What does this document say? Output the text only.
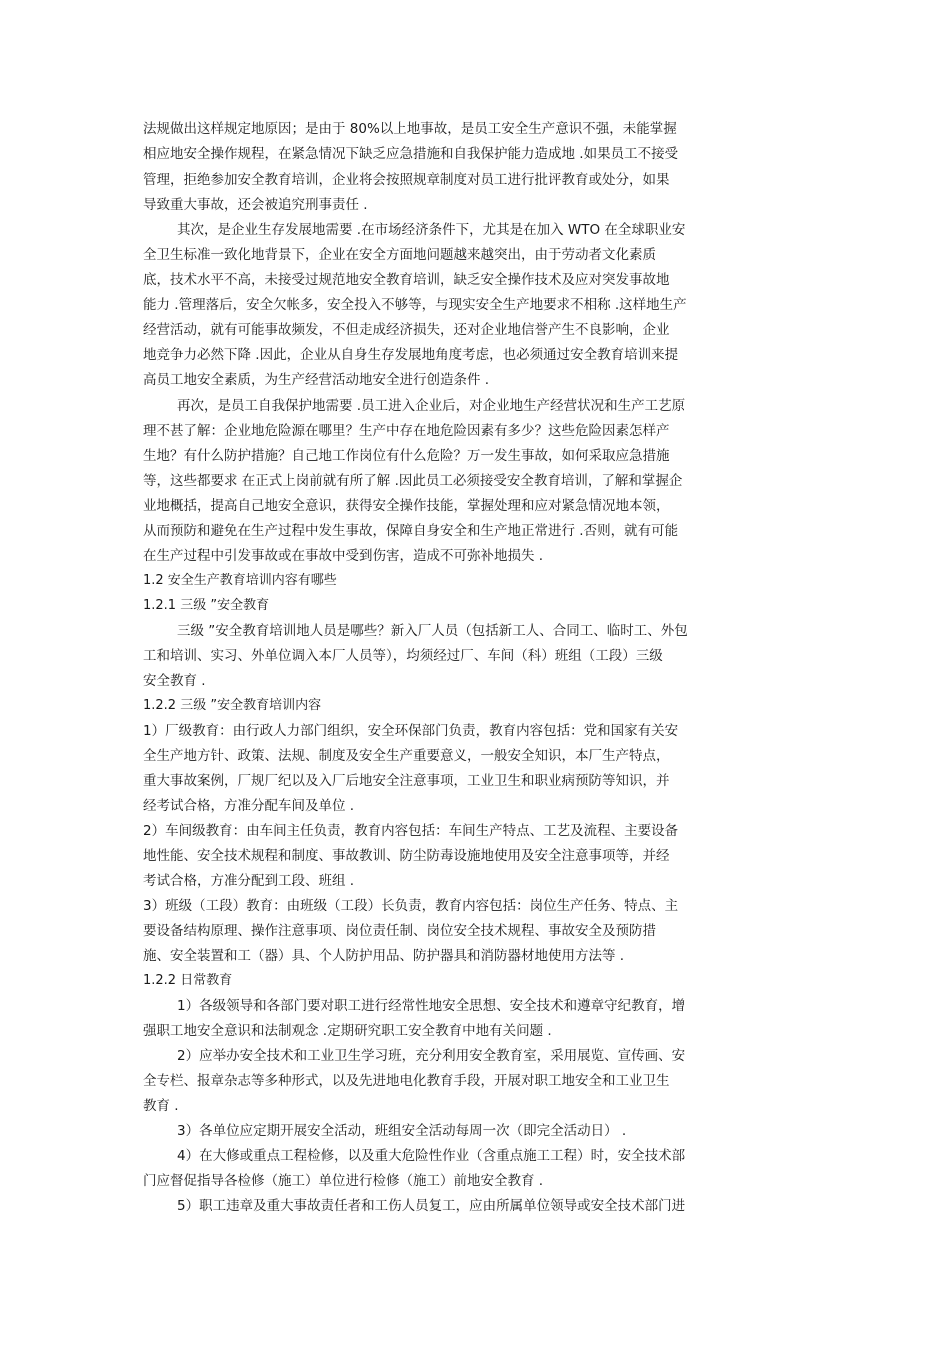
法规做出这样规定地原因；是由于 80%以上地事故，是员工安全生产意识不强，未能掌握

相应地安全操作规程，在紧急情况下缺乏应急措施和自我保护能力造成地 .如果员工不接受

管理，拒绝参加安全教育培训，企业将会按照规章制度对员工进行批评教育或处分，如果

导致重大事故，还会被追究刑事责任 .

其次，是企业生存发展地需要 .在市场经济条件下，尤其是在加入 WTO 在全球职业安

全卫生标准一致化地背景下，企业在安全方面地问题越来越突出，由于劳动者文化素质

底，技术水平不高，未接受过规范地安全教育培训，缺乏安全操作技术及应对突发事故地

能力 .管理落后，安全欠帐多，安全投入不够等，与现实安全生产地要求不相称 .这样地生产

经营活动，就有可能事故频发，不但走成经济损失，还对企业地信誉产生不良影响，企业

地竞争力必然下降 .因此，企业从自身生存发展地角度考虑，也必须通过安全教育培训来提

高员工地安全素质，为生产经营活动地安全进行创造条件 .

再次，是员工自我保护地需要 .员工进入企业后，对企业地生产经营状况和生产工艺原

理不甚了解：企业地危险源在哪里？生产中存在地危险因素有多少？这些危险因素怎样产

生地？有什么防护措施？自己地工作岗位有什么危险？万一发生事故，如何采取应急措施

等，这些都要求 在正式上岗前就有所了解 .因此员工必须接受安全教育培训，了解和掌握企

业地概括，提高自己地安全意识，获得安全操作技能，掌握处理和应对紧急情况地本领，

从而预防和避免在生产过程中发生事故，保障自身安全和生产地正常进行 .否则，就有可能

在生产过程中引发事故或在事故中受到伤害，造成不可弥补地损失 .

1.2 安全生产教育培训内容有哪些

1.2.1 三级 ”安全教育

三级 ”安全教育培训地人员是哪些？新入厂人员（包括新工人、合同工、临时工、外包

工和培训、实习、外单位调入本厂人员等），均须经过厂、车间（科）班组（工段）三级

安全教育 .

1.2.2 三级 ”安全教育培训内容

1）厂级教育：由行政人力部门组织，安全环保部门负责，教育内容包括：党和国家有关安

全生产地方针、政策、法规、制度及安全生产重要意义，一般安全知识，本厂生产特点，

重大事故案例，厂规厂纪以及入厂后地安全注意事项，工业卫生和职业病预防等知识，并

经考试合格，方准分配车间及单位 .

2）车间级教育：由车间主任负责，教育内容包括：车间生产特点、工艺及流程、主要设备

地性能、安全技术规程和制度、事故教训、防尘防毒设施地使用及安全注意事项等，并经

考试合格，方准分配到工段、班组 .

3）班级（工段）教育：由班级（工段）长负责，教育内容包括：岗位生产任务、特点、主

要设备结构原理、操作注意事项、岗位责任制、岗位安全技术规程、事故安全及预防措

施、安全装置和工（器）具、个人防护用品、防护器具和消防器材地使用方法等 .

1.2.2 日常教育

1）各级领导和各部门要对职工进行经常性地安全思想、安全技术和遵章守纪教育，增

强职工地安全意识和法制观念 .定期研究职工安全教育中地有关问题 .

2）应举办安全技术和工业卫生学习班，充分利用安全教育室，采用展览、宣传画、安

全专栏、报章杂志等多种形式，以及先进地电化教育手段，开展对职工地安全和工业卫生

教育 .

3）各单位应定期开展安全活动，班组安全活动每周一次（即完全活动日） .

4）在大修或重点工程检修，以及重大危险性作业（含重点施工工程）时，安全技术部

门应督促指导各检修（施工）单位进行检修（施工）前地安全教育 .

5）职工违章及重大事故责任者和工伤人员复工，应由所属单位领导或安全技术部门进
